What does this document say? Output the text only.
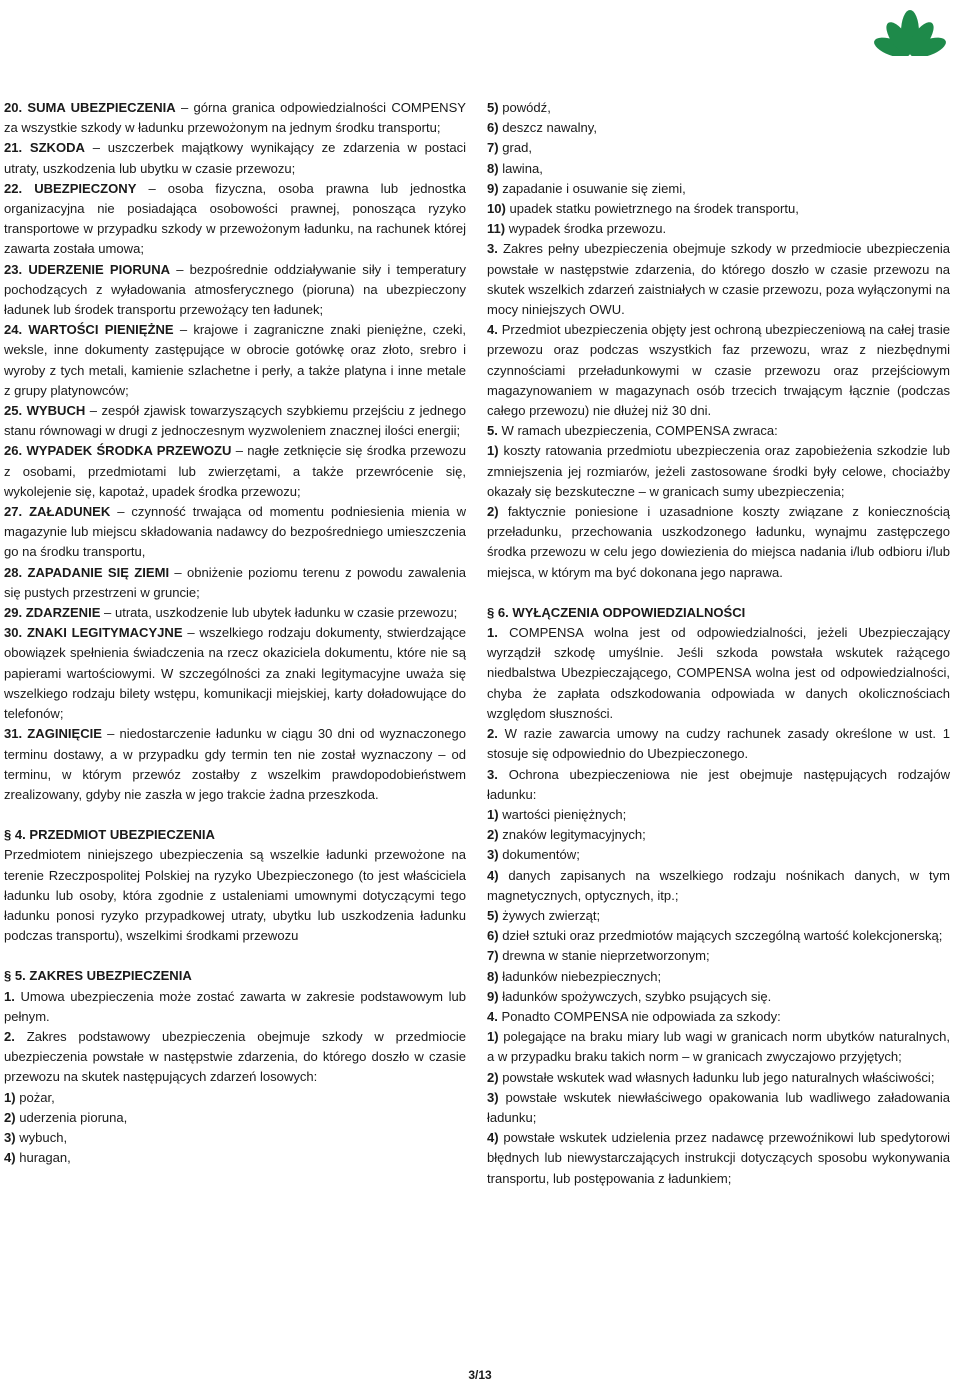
20. SUMA UBEZPIECZENIA – górna granica odpowiedzialności COMPENSY za wszystkie szkody w ładunku przewożonym na jednym środku transportu;

21. SZKODA – uszczerbek majątkowy wynikający ze zdarzenia w postaci utraty, uszkodzenia lub ubytku w czasie przewozu;

22. UBEZPIECZONY – osoba fizyczna, osoba prawna lub jednostka organizacyjna nie posiadająca osobowości prawnej, ponosząca ryzyko transportowe w przypadku szkody w przewożonym ładunku, na rachunek której zawarta została umowa;

23. UDERZENIE PIORUNA – bezpośrednie oddziaływanie siły i temperatury pochodzących z wyładowania atmosferycznego (pioruna) na ubezpieczony ładunek lub środek transportu przewożący ten ładunek;

24. WARTOŚCI PIENIĘŻNE – krajowe i zagraniczne znaki pieniężne, czeki, weksle, inne dokumenty zastępujące w obrocie gotówkę oraz złoto, srebro i wyroby z tych metali, kamienie szlachetne i perły, a także platyna i inne metale z grupy platynowców;

25. WYBUCH – zespół zjawisk towarzyszących szybkiemu przejściu z jednego stanu równowagi w drugi z jednoczesnym wyzwoleniem znacznej ilości energii;

26. WYPADEK ŚRODKA PRZEWOZU – nagłe zetknięcie się środka przewozu z osobami, przedmiotami lub zwierzętami, a także przewrócenie się, wykolejenie się, kapotaż, upadek środka przewozu;

27. ZAŁADUNEK – czynność trwająca od momentu podniesienia mienia w magazynie lub miejscu składowania nadawcy do bezpośredniego umieszczenia go na środku transportu,

28. ZAPADANIE SIĘ ZIEMI – obniżenie poziomu terenu z powodu zawalenia się pustych przestrzeni w gruncie;

29. ZDARZENIE – utrata, uszkodzenie lub ubytek ładunku w czasie przewozu;

30. ZNAKI LEGITYMACYJNE – wszelkiego rodzaju dokumenty, stwierdzające obowiązek spełnienia świadczenia na rzecz okaziciela dokumentu, które nie są papierami wartościowymi. W szczególności za znaki legitymacyjne uważa się wszelkiego rodzaju bilety wstępu, komunikacji miejskiej, karty doładowujące do telefonów;

31. ZAGINIĘCIE – niedostarczenie ładunku w ciągu 30 dni od wyznaczonego terminu dostawy, a w przypadku gdy termin ten nie został wyznaczony – od terminu, w którym przewóz zostałby z wszelkim prawdopodobieństwem zrealizowany, gdyby nie zaszła w jego trakcie żadna przeszkoda.

§ 4. PRZEDMIOT UBEZPIECZENIA

Przedmiotem niniejszego ubezpieczenia są wszelkie ładunki przewożone na terenie Rzeczpospolitej Polskiej na ryzyko Ubezpieczonego (to jest właściciela ładunku lub osoby, która zgodnie z ustaleniami umownymi dotyczącymi tego ładunku ponosi ryzyko przypadkowej utraty, ubytku lub uszkodzenia ładunku podczas transportu), wszelkimi środkami przewozu

§ 5. ZAKRES UBEZPIECZENIA

1. Umowa ubezpieczenia może zostać zawarta w zakresie podstawowym lub pełnym.

2. Zakres podstawowy ubezpieczenia obejmuje szkody w przedmiocie ubezpieczenia powstałe w następstwie zdarzenia, do którego doszło w czasie przewozu na skutek następujących zdarzeń losowych:

1) pożar,

2) uderzenia pioruna,

3) wybuch,

4) huragan,

5) powódź,

6) deszcz nawalny,

7) grad,

8) lawina,

9) zapadanie i osuwanie się ziemi,

10) upadek statku powietrznego na środek transportu,

11) wypadek środka przewozu.

3. Zakres pełny ubezpieczenia obejmuje szkody w przedmiocie ubezpieczenia powstałe w następstwie zdarzenia, do którego doszło w czasie przewozu na skutek wszelkich zdarzeń zaistniałych w czasie przewozu, poza wyłączonymi na mocy niniejszych OWU.

4. Przedmiot ubezpieczenia objęty jest ochroną ubezpieczeniową na całej trasie przewozu oraz podczas wszystkich faz przewozu, wraz z niezbędnymi czynnościami przeładunkowymi w czasie przewozu oraz przejściowym magazynowaniem w magazynach osób trzecich trwającym łącznie (podczas całego przewozu) nie dłużej niż 30 dni.

5. W ramach ubezpieczenia, COMPENSA zwraca:

1) koszty ratowania przedmiotu ubezpieczenia oraz zapobieżenia szkodzie lub zmniejszenia jej rozmiarów, jeżeli zastosowane środki były celowe, chociażby okazały się bezskuteczne – w granicach sumy ubezpieczenia;

2) faktycznie poniesione i uzasadnione koszty związane z koniecznością przeładunku, przechowania uszkodzonego ładunku, wynajmu zastępczego środka przewozu w celu jego dowiezienia do miejsca nadania i/lub odbioru i/lub miejsca, w którym ma być dokonana jego naprawa.

§ 6. WYŁĄCZENIA ODPOWIEDZIALNOŚCI

1. COMPENSA wolna jest od odpowiedzialności, jeżeli Ubezpieczający wyrządził szkodę umyślnie. Jeśli szkoda powstała wskutek rażącego niedbalstwa Ubezpieczającego, COMPENSA wolna jest od odpowiedzialności, chyba że zapłata odszkodowania odpowiada w danych okolicznościach względom słuszności.

2. W razie zawarcia umowy na cudzy rachunek zasady określone w ust. 1 stosuje się odpowiednio do Ubezpieczonego.

3. Ochrona ubezpieczeniowa nie jest obejmuje następujących rodzajów ładunku:

1) wartości pieniężnych;

2) znaków legitymacyjnych;

3) dokumentów;

4) danych zapisanych na wszelkiego rodzaju nośnikach danych, w tym magnetycznych, optycznych, itp.;

5) żywych zwierząt;

6) dzieł sztuki oraz przedmiotów mających szczególną wartość kolekcjonerską;

7) drewna w stanie nieprzetworzonym;

8) ładunków niebezpiecznych;

9) ładunków spożywczych, szybko psujących się.

4. Ponadto COMPENSA nie odpowiada za szkody:

1) polegające na braku miary lub wagi w granicach norm ubytków naturalnych, a w przypadku braku takich norm – w granicach zwyczajowo przyjętych;

2) powstałe wskutek wad własnych ładunku lub jego naturalnych właściwości;

3) powstałe wskutek niewłaściwego opakowania lub wadliwego załadowania ładunku;

4) powstałe wskutek udzielenia przez nadawcę przewoźnikowi lub spedytorowi błędnych lub niewystarczających instrukcji dotyczących sposobu wykonywania transportu, lub postępowania z ładunkiem;

3/13
